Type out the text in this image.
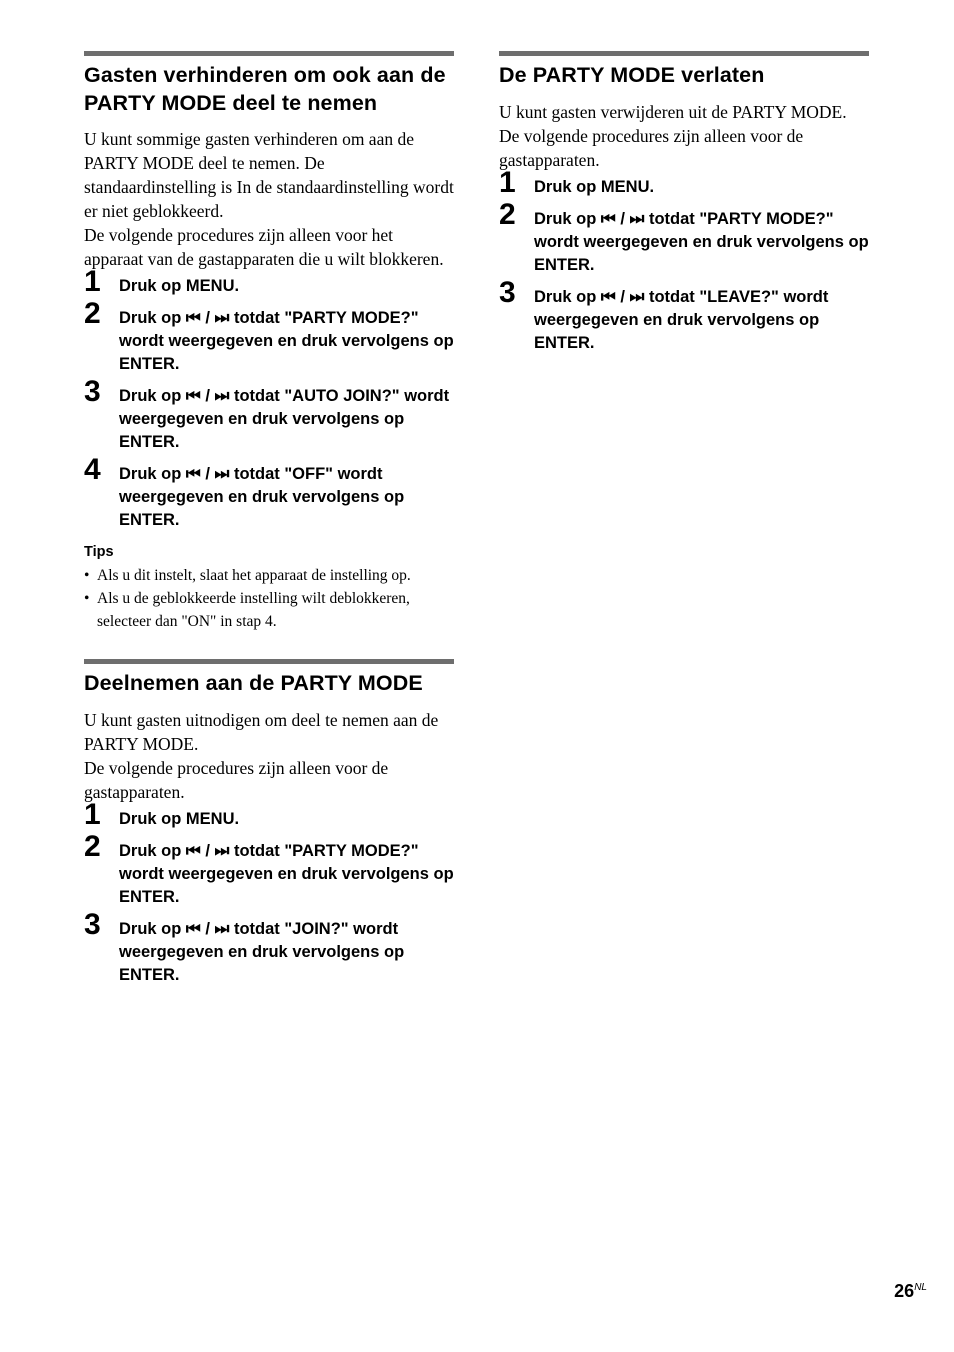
Gasten verhinderen om ook aan de PARTY MODE deel te nemen

U kunt sommige gasten verhinderen om aan de PARTY MODE deel te nemen. De standaardinstelling is In de standaardinstelling wordt er niet geblokkeerd.

De volgende procedures zijn alleen voor het apparaat van de gastapparaten die u wilt blokkeren.

1	Druk op MENU.
2	Druk op ⏮ / ⏭ totdat "PARTY MODE?" wordt weergegeven en druk vervolgens op ENTER.
3	Druk op ⏮ / ⏭ totdat "AUTO JOIN?" wordt weergegeven en druk vervolgens op ENTER.
4	Druk op ⏮ / ⏭ totdat "OFF" wordt weergegeven en druk vervolgens op ENTER.
Tips
• Als u dit instelt, slaat het apparaat de instelling op.
• Als u de geblokkeerde instelling wilt deblokkeren, selecteer dan "ON" in stap 4.
Deelnemen aan de PARTY MODE

U kunt gasten uitnodigen om deel te nemen aan de PARTY MODE.

De volgende procedures zijn alleen voor de gastapparaten.

1	Druk op MENU.
2	Druk op ⏮ / ⏭ totdat "PARTY MODE?" wordt weergegeven en druk vervolgens op ENTER.
3	Druk op ⏮ / ⏭ totdat "JOIN?" wordt weergegeven en druk vervolgens op ENTER.
De PARTY MODE verlaten

U kunt gasten verwijderen uit de PARTY MODE.

De volgende procedures zijn alleen voor de gastapparaten.

1	Druk op MENU.
2	Druk op ⏮ / ⏭ totdat "PARTY MODE?" wordt weergegeven en druk vervolgens op ENTER.
3	Druk op ⏮ / ⏭ totdat "LEAVE?" wordt weergegeven en druk vervolgens op ENTER.
$26^{NL}$
